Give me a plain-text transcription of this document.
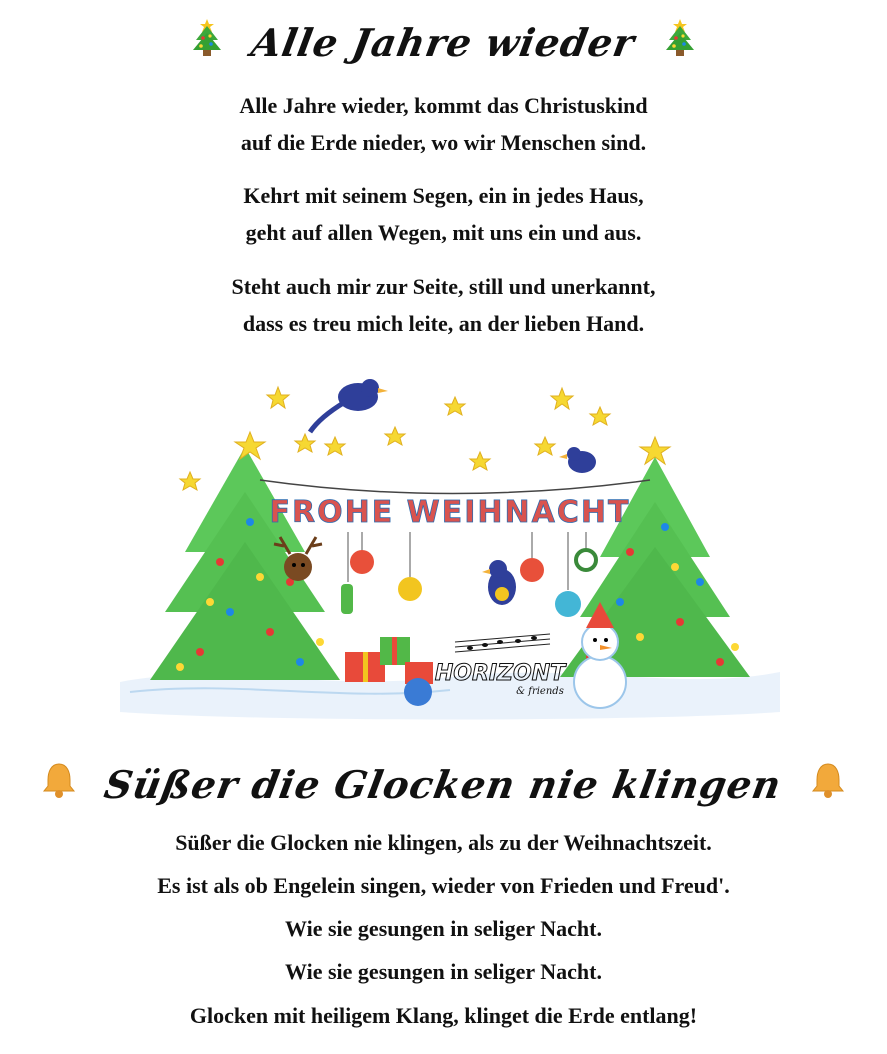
Alle Jahre wieder
Alle Jahre wieder, kommt das Christuskind
auf die Erde nieder, wo wir Menschen sind.
Kehrt mit seinem Segen, ein in jedes Haus,
geht auf allen Wegen, mit uns ein und aus.
Steht auch mir zur Seite, still und unerkannt,
dass es treu mich leite, an der lieben Hand.
FROHE WEIHNACHT
HORIZONT
& friends
Süßer die Glocken nie klingen
Süßer die Glocken nie klingen, als zu der Weihnachtszeit.
Es ist als ob Engelein singen, wieder von Frieden und Freud'.
Wie sie gesungen in seliger Nacht.
Wie sie gesungen in seliger Nacht.
Glocken mit heiligem Klang, klinget die Erde entlang!
